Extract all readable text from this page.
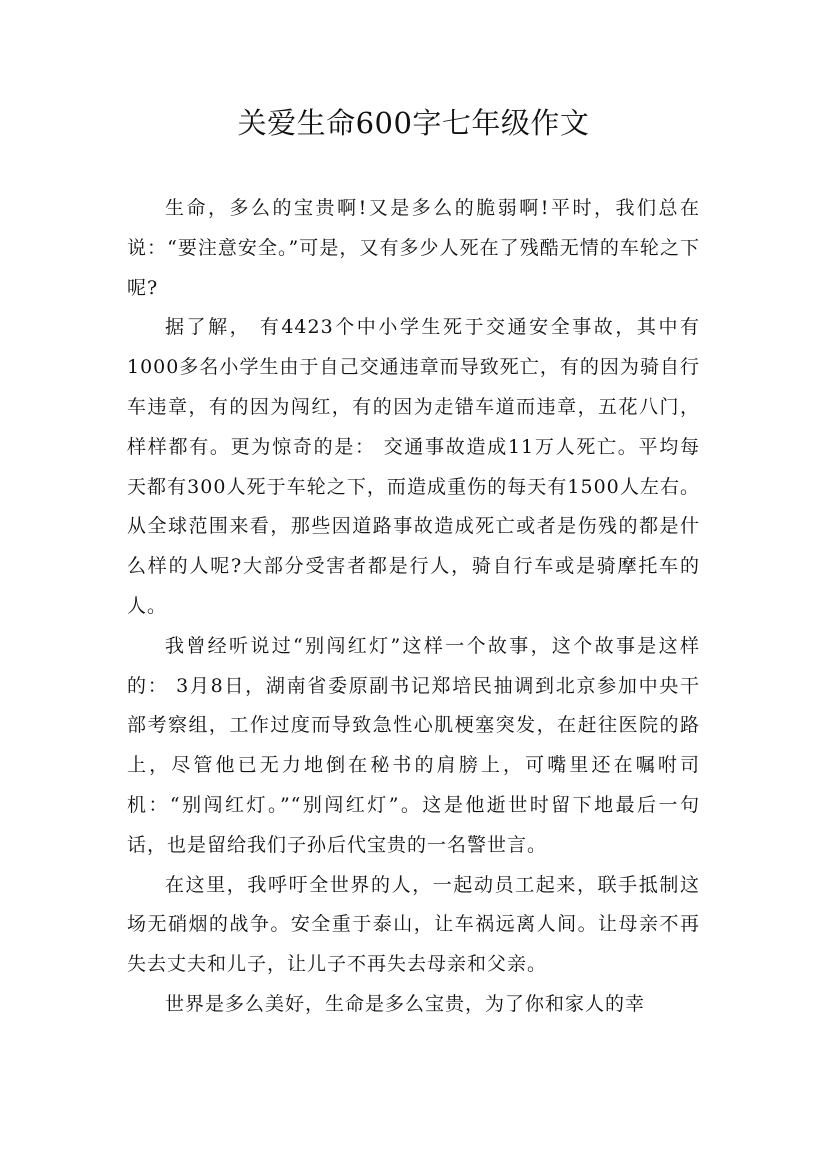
关爱生命600字七年级作文

生命，多么的宝贵啊!又是多么的脆弱啊!平时，我们总在说：“要注意安全。”可是，又有多少人死在了残酷无情的车轮之下呢?

据了解， 有4423个中小学生死于交通安全事故，其中有1000多名小学生由于自己交通违章而导致死亡，有的因为骑自行车违章，有的因为闯红，有的因为走错车道而违章，五花八门，样样都有。更为惊奇的是： 交通事故造成11万人死亡。平均每天都有300人死于车轮之下，而造成重伤的每天有1500人左右。从全球范围来看，那些因道路事故造成死亡或者是伤残的都是什么样的人呢?大部分受害者都是行人，骑自行车或是骑摩托车的人。

我曾经听说过“别闯红灯”这样一个故事，这个故事是这样的： 3月8日，湖南省委原副书记郑培民抽调到北京参加中央干部考察组，工作过度而导致急性心肌梗塞突发，在赶往医院的路上，尽管他已无力地倒在秘书的肩膀上，可嘴里还在嘱咐司机：“别闯红灯。”“别闯红灯”。这是他逝世时留下地最后一句话，也是留给我们子孙后代宝贵的一名警世言。

在这里，我呼吁全世界的人，一起动员工起来，联手抵制这场无硝烟的战争。安全重于泰山，让车祸远离人间。让母亲不再失去丈夫和儿子，让儿子不再失去母亲和父亲。

世界是多么美好，生命是多么宝贵，为了你和家人的幸
